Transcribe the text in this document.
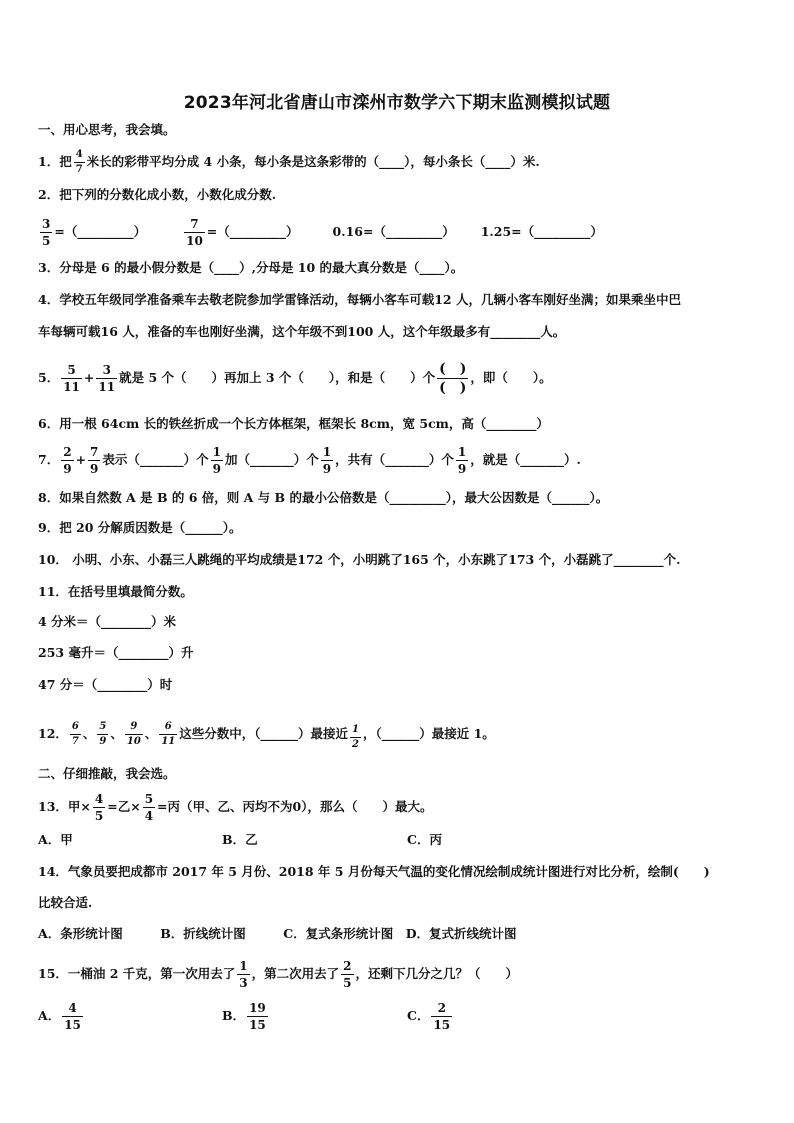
2023年河北省唐山市滦州市数学六下期末监测模拟试题
一、用心思考，我会填。
1．把 $\frac{4}{7}$ 米长的彩带平均分成 4 小条，每小条是这条彩带的（____），每小条长（____）米.
2．把下列的分数化成小数，小数化成分数.
$\frac{3}{5}$ =（_________）	$\frac{7}{10}$ =（_________）	0.16=（_________） 1.25=（_________）
3．分母是 6 的最小假分数是（____）,分母是 10 的最大真分数是（____）。
4．学校五年级同学准备乘车去敬老院参加学雷锋活动，每辆小客车可载12 人，几辆小客车刚好坐满；如果乘坐中巴
车每辆可载16 人，准备的车也刚好坐满，这个年级不到100 人，这个年级最多有________人。
5． $\frac{5}{11} + \frac{3}{11}$ 就是 5 个（　　）再加上 3 个（　　），和是（　　）个 $\frac{( )}{( )}$ ，即（　　）。
6．用一根 64cm 长的铁丝折成一个长方体框架，框架长 8cm，宽 5cm，高（________）
7． $\frac{2}{9} + \frac{7}{9}$ 表示（_______）个 $\frac{1}{9}$ 加（_______）个 $\frac{1}{9}$ ，共有（_______）个 $\frac{1}{9}$ ，就是（_______）.
8．如果自然数 A 是 B 的 6 倍，则 A 与 B 的最小公倍数是（_________），最大公因数是（______）。
9．把 20 分解质因数是（______）。
10． 小明、小东、小磊三人跳绳的平均成绩是172 个，小明跳了165 个，小东跳了173 个，小磊跳了________个.
11．在括号里填最简分数。
4 分米＝（________）米
253 毫升＝（________）升
47 分＝（________）时
12． $\frac{6}{7}$ 、 $\frac{5}{9}$ 、 $\frac{9}{10}$ 、 $\frac{6}{11}$ 这些分数中，（______）最接近 $\frac{1}{2}$ ，（______）最接近 1。
二、仔细推敲，我会选。
13．甲× $\frac{4}{5}$ =乙× $\frac{5}{4}$ =丙（甲、乙、丙均不为0），那么（　　）最大。
A．甲	B．乙	C．丙
14．气象员要把成都市 2017 年 5 月份、2018 年 5 月份每天气温的变化情况绘制成统计图进行对比分析，绘制(　　)
比较合适.
A．条形统计图　　　B．折线统计图　　　C．复式条形统计图　D．复式折线统计图
15．一桶油 2 千克，第一次用去了 $\frac{1}{3}$ ，第二次用去了 $\frac{2}{5}$ ，还剩下几分之几？（　　）
A． $\frac{4}{15}$	B． $\frac{19}{15}$	C． $\frac{2}{15}$
